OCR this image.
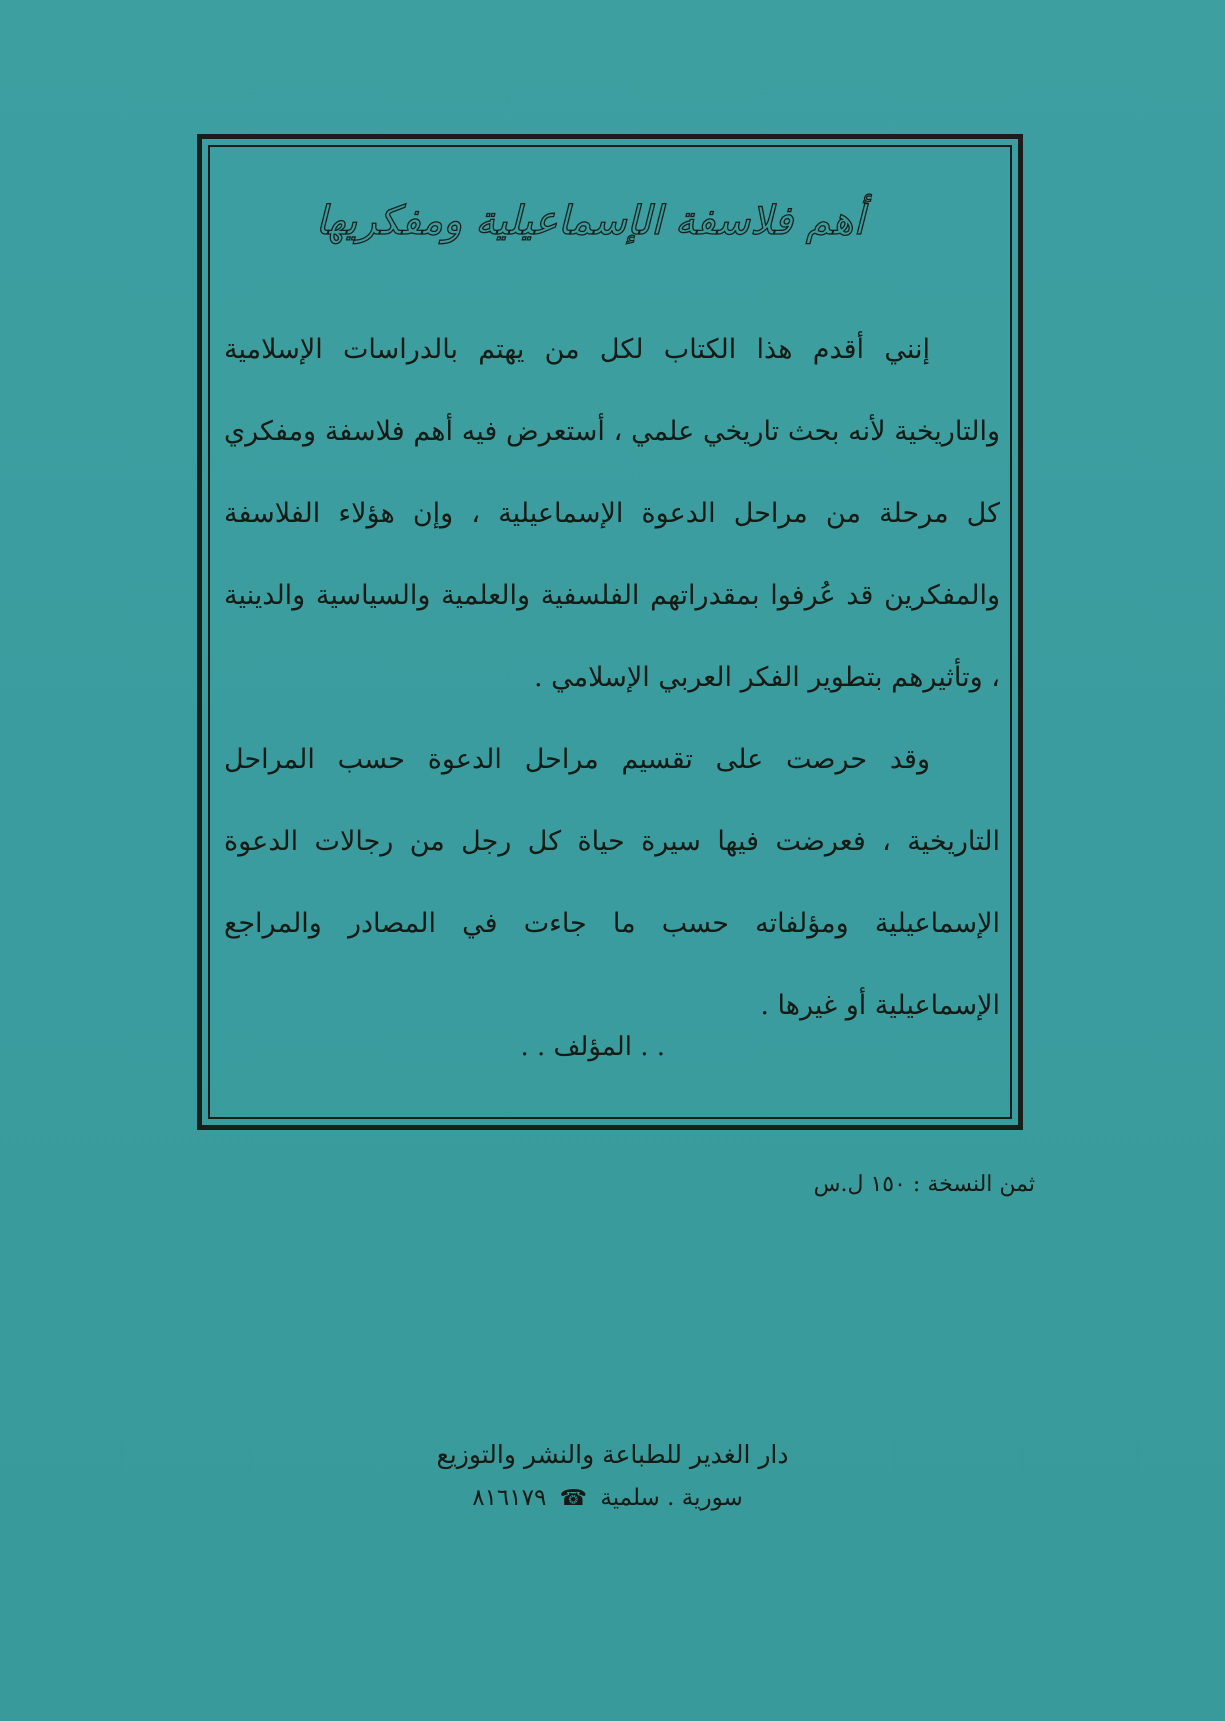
أهم فلاسفة الإسماعيلية ومفكريها

إنني أقدم هذا الكتاب لكل من يهتم بالدراسات الإسلامية والتاريخية لأنه بحث تاريخي علمي ، أستعرض فيه أهم فلاسفة ومفكري كل مرحلة من مراحل الدعوة الإسماعيلية ، وإن هؤلاء الفلاسفة والمفكرين قد عُرفوا بمقدراتهم الفلسفية والعلمية والسياسية والدينية ، وتأثيرهم بتطوير الفكر العربي الإسلامي .

وقد حرصت على تقسيم مراحل الدعوة حسب المراحل التاريخية ، فعرضت فيها سيرة حياة كل رجل من رجالات الدعوة الإسماعيلية ومؤلفاته حسب ما جاءت في المصادر والمراجع الإسماعيلية أو غيرها .

. . المؤلف . .
ثمن النسخة : ١٥٠ ل.س
دار الغدير للطباعة والنشر والتوزيع
سورية . سلمية ☎ ٨١٦١٧٩
